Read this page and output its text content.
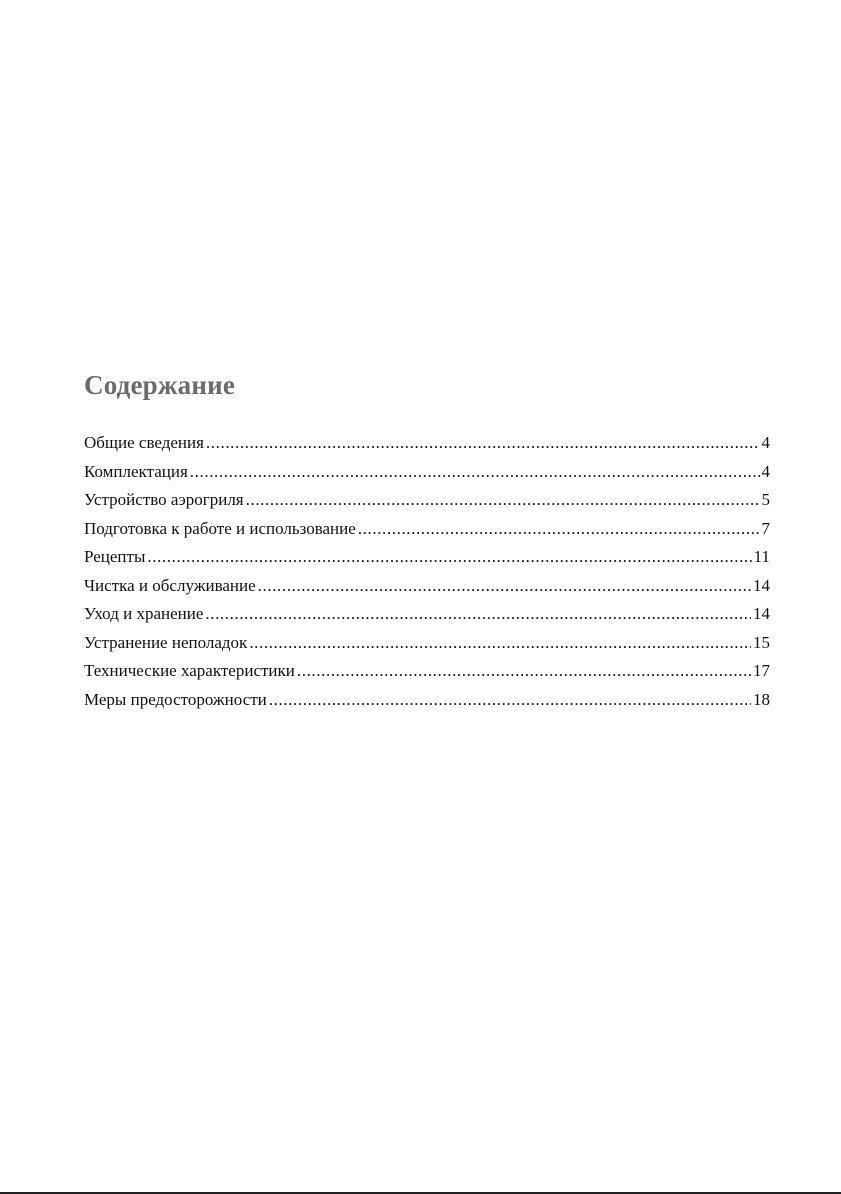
Содержание
Общие сведения .....	4
Комплектация .....	4
Устройство аэрогриля .....	5
Подготовка к работе и использование .....	7
Рецепты .....	11
Чистка и обслуживание .....	14
Уход и хранение .....	14
Устранение неполадок .....	15
Технические характеристики .....	17
Меры предосторожности .....	18
